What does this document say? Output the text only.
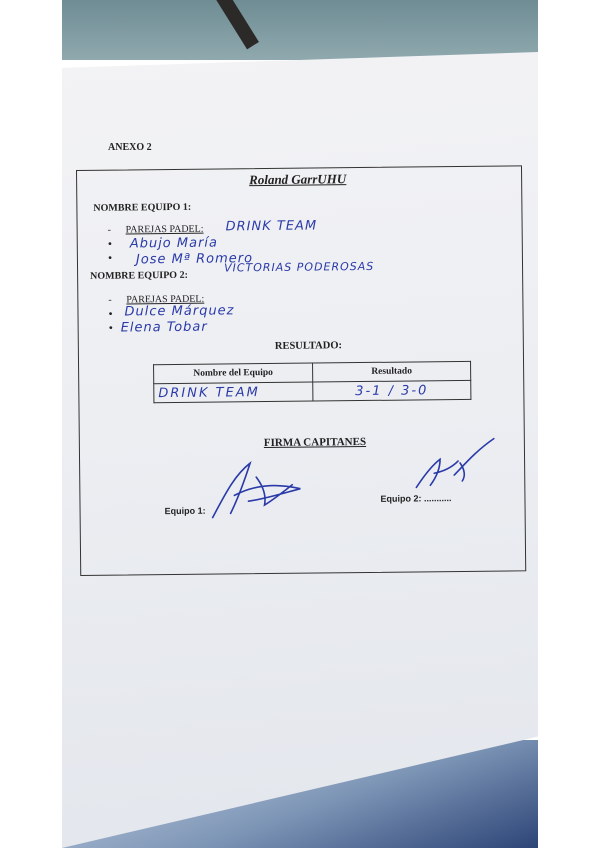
ANEXO 2
Roland GarrUHU
NOMBRE EQUIPO 1:
- PAREJAS PADEL: DRINK TEAM
• Abujo María
• Jose Mª Romero
NOMBRE EQUIPO 2:
VICTORIAS PODEROSAS
- PAREJAS PADEL:
• Dulce Márquez
• Elena Tobar
RESULTADO:
Nombre del Equipo	Resultado
DRINK TEAM	3-1 / 3-0
FIRMA CAPITANES
Equipo 1:
Equipo 2: ...........
